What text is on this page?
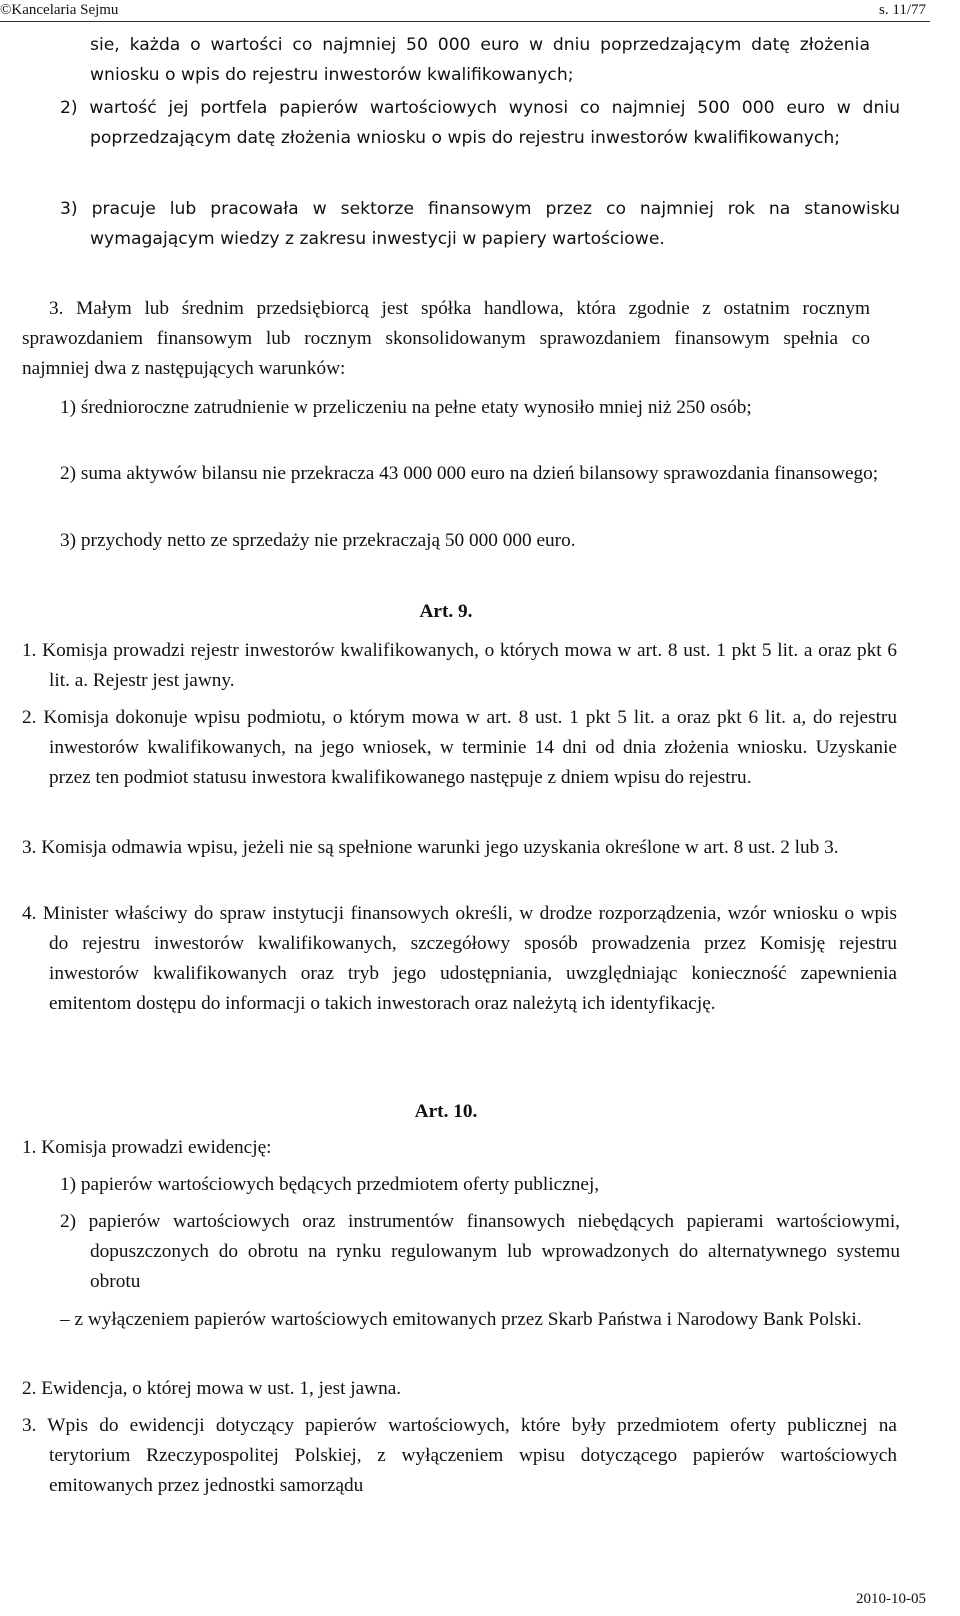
©Kancelaria Sejmu	s. 11/77

sie, każda o wartości co najmniej 50 000 euro w dniu poprzedzającym datę złożenia wniosku o wpis do rejestru inwestorów kwalifikowanych;

2) wartość jej portfela papierów wartościowych wynosi co najmniej 500 000 euro w dniu poprzedzającym datę złożenia wniosku o wpis do rejestru inwestorów kwalifikowanych;

3) pracuje lub pracowała w sektorze finansowym przez co najmniej rok na stanowisku wymagającym wiedzy z zakresu inwestycji w papiery wartościowe.

3. Małym lub średnim przedsiębiorcą jest spółka handlowa, która zgodnie z ostatnim rocznym sprawozdaniem finansowym lub rocznym skonsolidowanym sprawozdaniem finansowym spełnia co najmniej dwa z następujących warunków:

1) średnioroczne zatrudnienie w przeliczeniu na pełne etaty wynosiło mniej niż 250 osób;

2) suma aktywów bilansu nie przekracza 43 000 000 euro na dzień bilansowy sprawozdania finansowego;

3) przychody netto ze sprzedaży nie przekraczają 50 000 000 euro.

Art. 9.

1. Komisja prowadzi rejestr inwestorów kwalifikowanych, o których mowa w art. 8 ust. 1 pkt 5 lit. a oraz pkt 6 lit. a. Rejestr jest jawny.

2. Komisja dokonuje wpisu podmiotu, o którym mowa w art. 8 ust. 1 pkt 5 lit. a oraz pkt 6 lit. a, do rejestru inwestorów kwalifikowanych, na jego wniosek, w terminie 14 dni od dnia złożenia wniosku. Uzyskanie przez ten podmiot statusu inwestora kwalifikowanego następuje z dniem wpisu do rejestru.

3. Komisja odmawia wpisu, jeżeli nie są spełnione warunki jego uzyskania określone w art. 8 ust. 2 lub 3.

4. Minister właściwy do spraw instytucji finansowych określi, w drodze rozporządzenia, wzór wniosku o wpis do rejestru inwestorów kwalifikowanych, szczegółowy sposób prowadzenia przez Komisję rejestru inwestorów kwalifikowanych oraz tryb jego udostępniania, uwzględniając konieczność zapewnienia emitentom dostępu do informacji o takich inwestorach oraz należytą ich identyfikację.

Art. 10.

1. Komisja prowadzi ewidencję:

1) papierów wartościowych będących przedmiotem oferty publicznej,

2) papierów wartościowych oraz instrumentów finansowych niebędących papierami wartościowymi, dopuszczonych do obrotu na rynku regulowanym lub wprowadzonych do alternatywnego systemu obrotu

– z wyłączeniem papierów wartościowych emitowanych przez Skarb Państwa i Narodowy Bank Polski.

2. Ewidencja, o której mowa w ust. 1, jest jawna.

3. Wpis do ewidencji dotyczący papierów wartościowych, które były przedmiotem oferty publicznej na terytorium Rzeczypospolitej Polskiej, z wyłączeniem wpisu dotyczącego papierów wartościowych emitowanych przez jednostki samorządu

2010-10-05
